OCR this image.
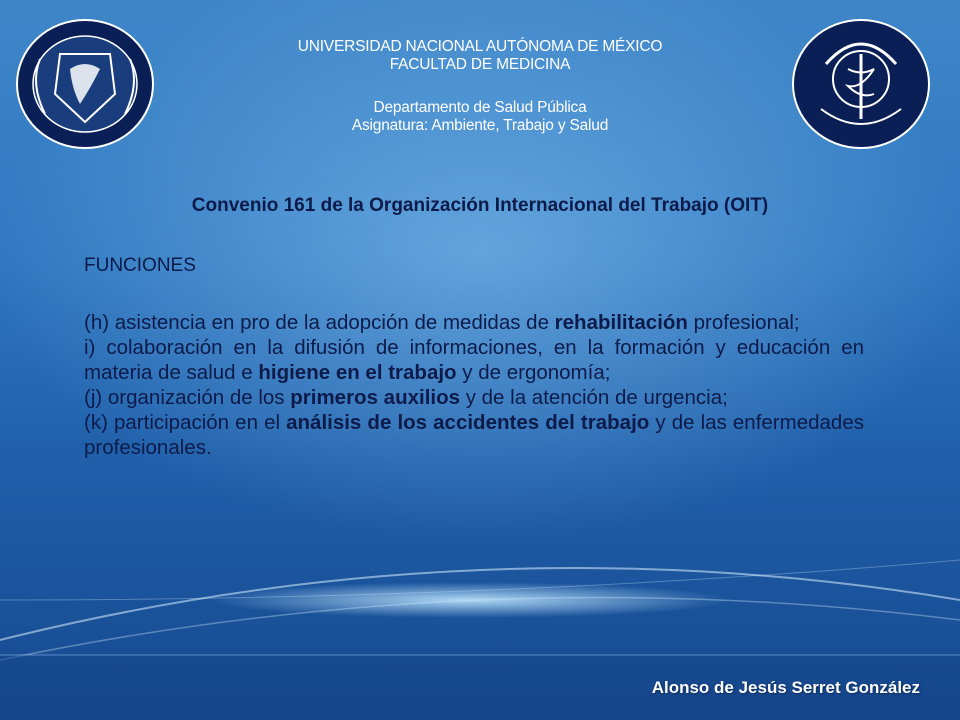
UNIVERSIDAD NACIONAL AUTÓNOMA DE MÉXICO
FACULTAD DE MEDICINA
Departamento de Salud Pública
Asignatura: Ambiente, Trabajo y Salud
Convenio 161 de la Organización Internacional del Trabajo (OIT)
FUNCIONES

(h) asistencia en pro de la adopción de medidas de rehabilitación profesional;

i) colaboración en la difusión de informaciones, en la formación y educación en materia de salud e higiene en el trabajo y de ergonomía;

(j) organización de los primeros auxilios y de la atención de urgencia;

(k) participación en el análisis de los accidentes del trabajo y de las enfermedades profesionales.

Alonso de Jesús Serret González
